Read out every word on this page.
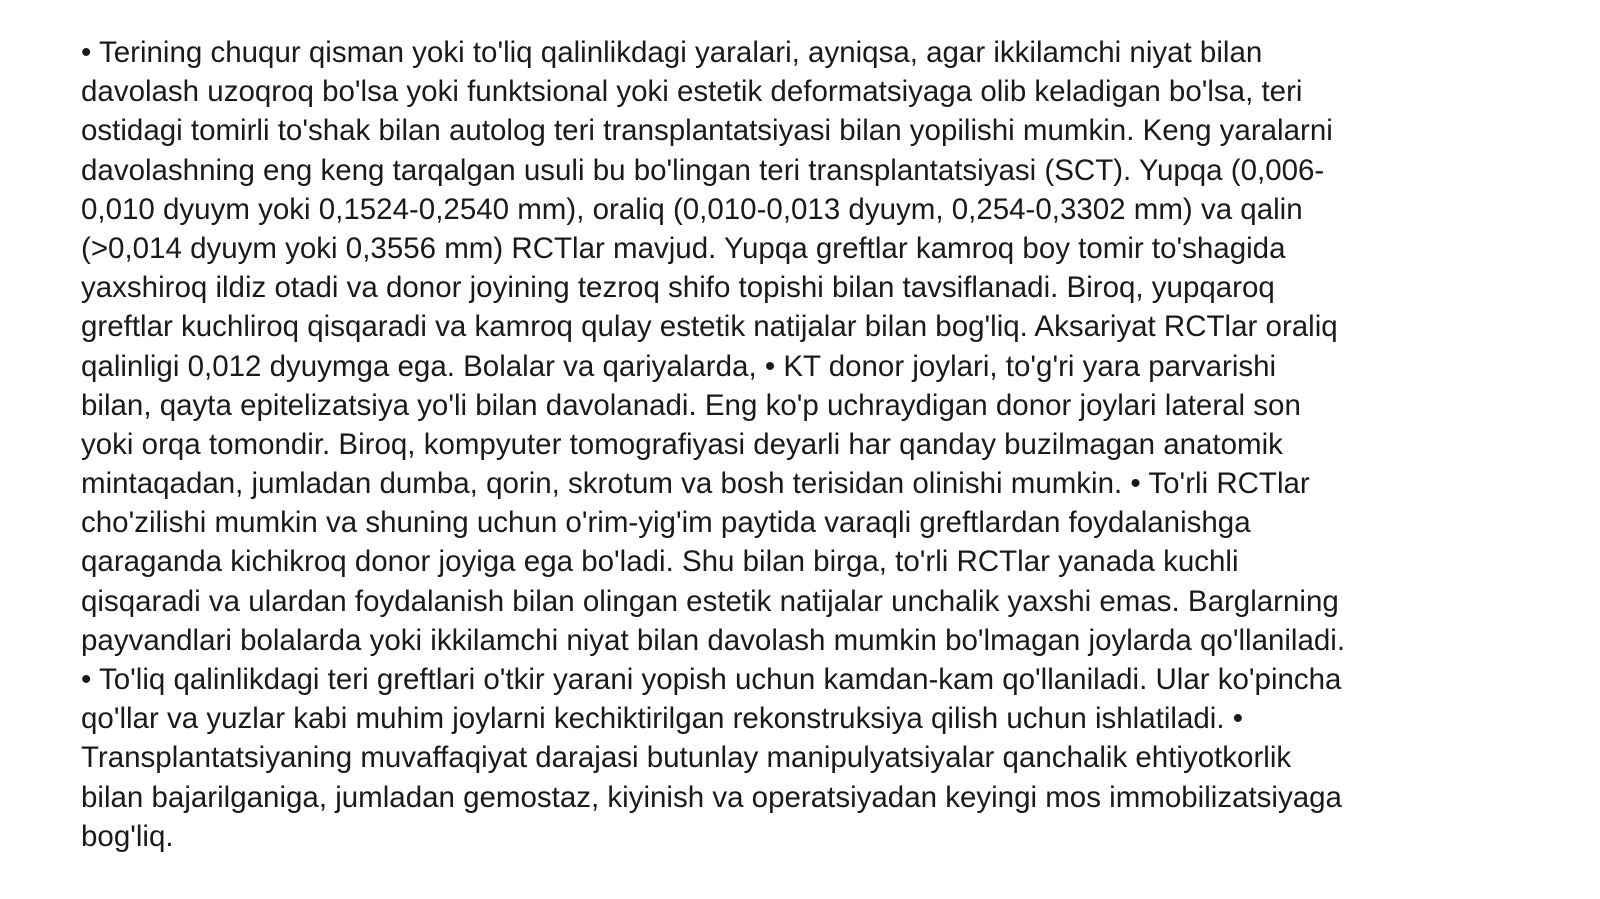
• Terining chuqur qisman yoki to'liq qalinlikdagi yaralari, ayniqsa, agar ikkilamchi niyat bilan
davolash uzoqroq bo'lsa yoki funktsional yoki estetik deformatsiyaga olib keladigan bo'lsa, teri
ostidagi tomirli to'shak bilan autolog teri transplantatsiyasi bilan yopilishi mumkin. Keng yaralarni
davolashning eng keng tarqalgan usuli bu bo'lingan teri transplantatsiyasi (SCT). Yupqa (0,006-
0,010 dyuym yoki 0,1524-0,2540 mm), oraliq (0,010-0,013 dyuym, 0,254-0,3302 mm) va qalin
(>0,014 dyuym yoki 0,3556 mm) RCTlar mavjud. Yupqa greftlar kamroq boy tomir to'shagida
yaxshiroq ildiz otadi va donor joyining tezroq shifo topishi bilan tavsiflanadi. Biroq, yupqaroq
greftlar kuchliroq qisqaradi va kamroq qulay estetik natijalar bilan bog'liq. Aksariyat RCTlar oraliq
qalinligi 0,012 dyuymga ega. Bolalar va qariyalarda, • KT donor joylari, to'g'ri yara parvarishi
bilan, qayta epitelizatsiya yo'li bilan davolanadi. Eng ko'p uchraydigan donor joylari lateral son
yoki orqa tomondir. Biroq, kompyuter tomografiyasi deyarli har qanday buzilmagan anatomik
mintaqadan, jumladan dumba, qorin, skrotum va bosh terisidan olinishi mumkin. • To'rli RCTlar
cho'zilishi mumkin va shuning uchun o'rim-yig'im paytida varaqli greftlardan foydalanishga
qaraganda kichikroq donor joyiga ega bo'ladi. Shu bilan birga, to'rli RCTlar yanada kuchli
qisqaradi va ulardan foydalanish bilan olingan estetik natijalar unchalik yaxshi emas. Barglarning
payvandlari bolalarda yoki ikkilamchi niyat bilan davolash mumkin bo'lmagan joylarda qo'llaniladi.
• To'liq qalinlikdagi teri greftlari o'tkir yarani yopish uchun kamdan-kam qo'llaniladi. Ular ko'pincha
qo'llar va yuzlar kabi muhim joylarni kechiktirilgan rekonstruksiya qilish uchun ishlatiladi. •
Transplantatsiyaning muvaffaqiyat darajasi butunlay manipulyatsiyalar qanchalik ehtiyotkorlik
bilan bajarilganiga, jumladan gemostaz, kiyinish va operatsiyadan keyingi mos immobilizatsiyaga
bog'liq.
